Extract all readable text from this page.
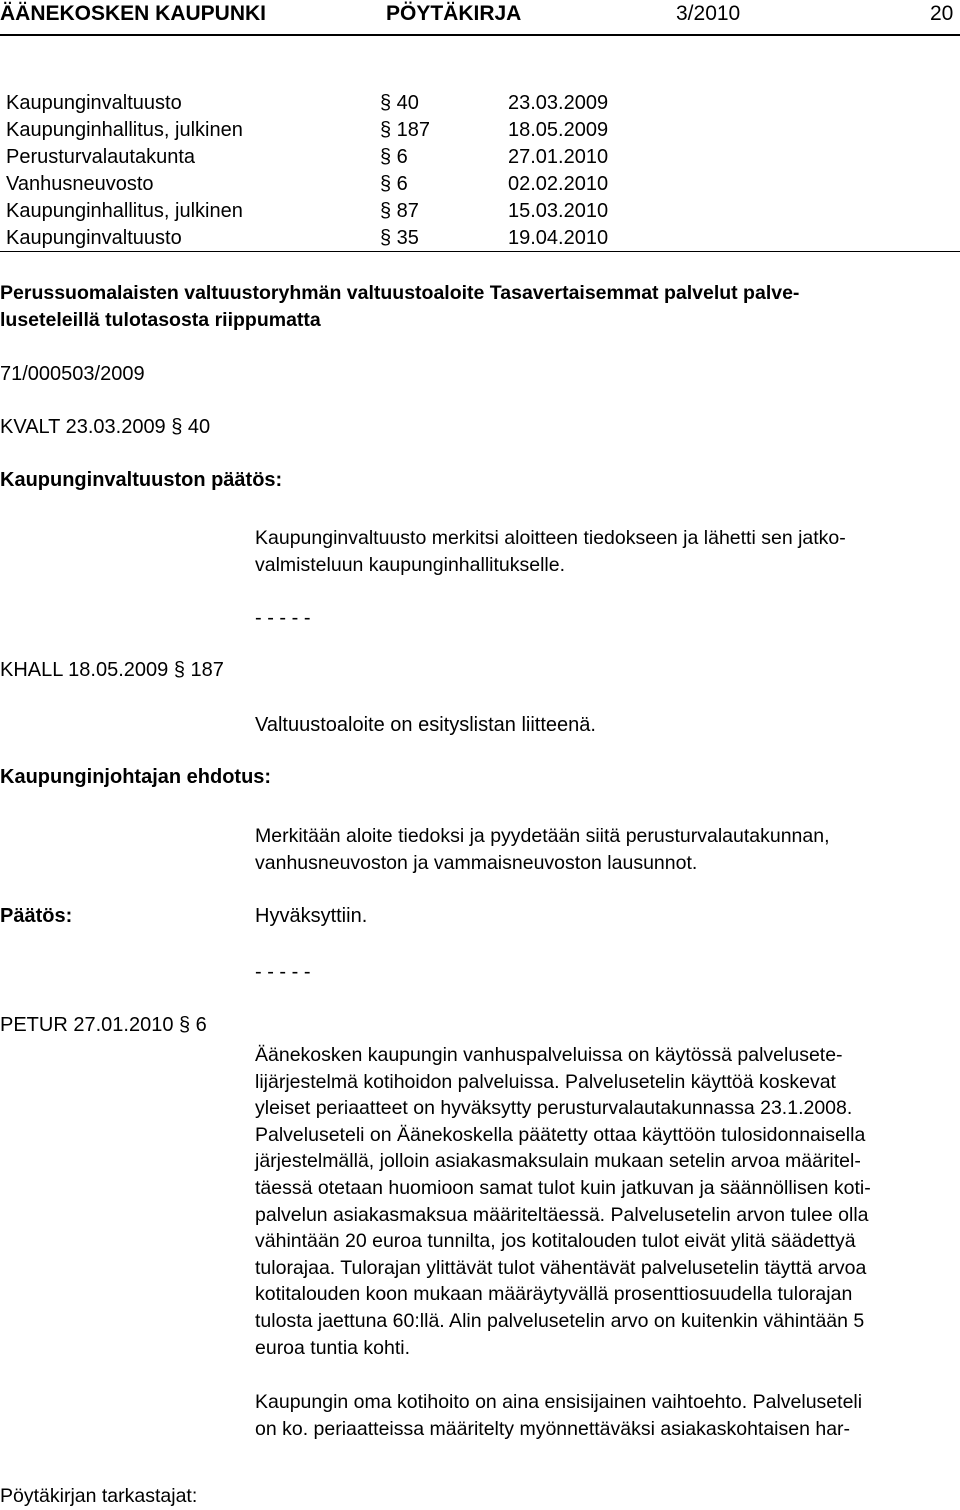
ÄÄNEKOSKEN KAUPUNKI	PÖYTÄKIRJA	3/2010	20
Kaupunginvaltuusto	§ 40	23.03.2009
Kaupunginhallitus, julkinen	§ 187	18.05.2009
Perusturvalautakunta	§ 6	27.01.2010
Vanhusneuvosto	§ 6	02.02.2010
Kaupunginhallitus, julkinen	§ 87	15.03.2010
Kaupunginvaltuusto	§ 35	19.04.2010

Perussuomalaisten valtuustoryhmän valtuustoaloite Tasavertaisemmat palvelut palve-

luseteleillä tulotasosta riippumatta

71/000503/2009
KVALT 23.03.2009 § 40
Kaupunginvaltuuston päätös:

Kaupunginvaltuusto merkitsi aloitteen tiedokseen ja lähetti sen jatko-

valmisteluun kaupunginhallitukselle.

- - - - -
KHALL 18.05.2009 § 187
Valtuustoaloite on esityslistan liitteenä.
Kaupunginjohtajan ehdotus:

Merkitään aloite tiedoksi ja pyydetään siitä perusturvalautakunnan,

vanhusneuvoston ja vammaisneuvoston lausunnot.

Päätös:	Hyväksyttiin.
- - - - -
PETUR 27.01.2010 § 6

Äänekosken kaupungin vanhuspalveluissa on käytössä palvelusete-

lijärjestelmä kotihoidon palveluissa. Palvelusetelin käyttöä koskevat

yleiset periaatteet on hyväksytty perusturvalautakunnassa 23.1.2008.

Palveluseteli on Äänekoskella päätetty ottaa käyttöön tulosidonnaisella

järjestelmällä, jolloin asiakasmaksulain mukaan setelin arvoa määritel-

täessä otetaan huomioon samat tulot kuin jatkuvan ja säännöllisen koti-

palvelun asiakasmaksua määriteltäessä. Palvelusetelin arvon tulee olla

vähintään 20 euroa tunnilta, jos kotitalouden tulot eivät ylitä säädettyä

tulorajaa. Tulorajan ylittävät tulot vähentävät palvelusetelin täyttä arvoa

kotitalouden koon mukaan määräytyvällä prosenttiosuudella tulorajan

tulosta jaettuna 60:llä. Alin palvelusetelin arvo on kuitenkin vähintään 5

euroa tuntia kohti.

Kaupungin oma kotihoito on aina ensisijainen vaihtoehto. Palveluseteli

on ko. periaatteissa määritelty myönnettäväksi asiakaskohtaisen har-

Pöytäkirjan tarkastajat:
